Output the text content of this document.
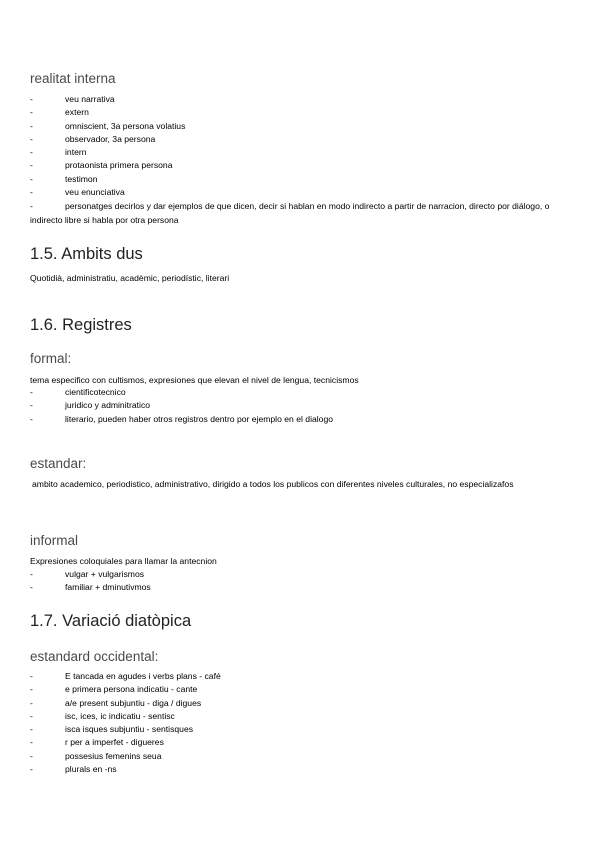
realitat interna
-	veu narrativa
-	extern
-	omniscient, 3a persona volatius
-	observador, 3a persona
-	intern
-	protaonista primera persona
-	testimon
-	veu enunciativa
-	personatges decirlos y dar ejemplos de que dicen, decir si hablan en modo indirecto a partir de narracion, directo por diálogo, o indirecto libre si habla por otra persona
1.5. Ambits dus
Quotidià, administratiu, acadèmic, periodístic, literari
1.6. Registres
formal:
tema especifico con cultismos, expresiones que elevan el nivel de lengua, tecnicismos
-	cientificotecnico
-	juridico y adminitratico
-	literario, pueden haber otros registros dentro por ejemplo en el dialogo
estandar:
ambito academico, periodistico, administrativo, dirigido a todos los publicos con diferentes niveles culturales, no especializafos
informal
Expresiones coloquiales para llamar la antecnion
-	vulgar + vulgarismos
-	familiar + dminutivmos
1.7. Variació diatòpica
estandard occidental:
-	E tancada en agudes i verbs plans - café
-	e primera persona indicatiu - cante
-	a/e present subjuntiu - diga / digues
-	isc, ices, ic indicatiu - sentisc
-	isca isques subjuntiu - sentisques
-	r per a imperfet - digueres
-	possesius femenins seua
-	plurals en -ns
